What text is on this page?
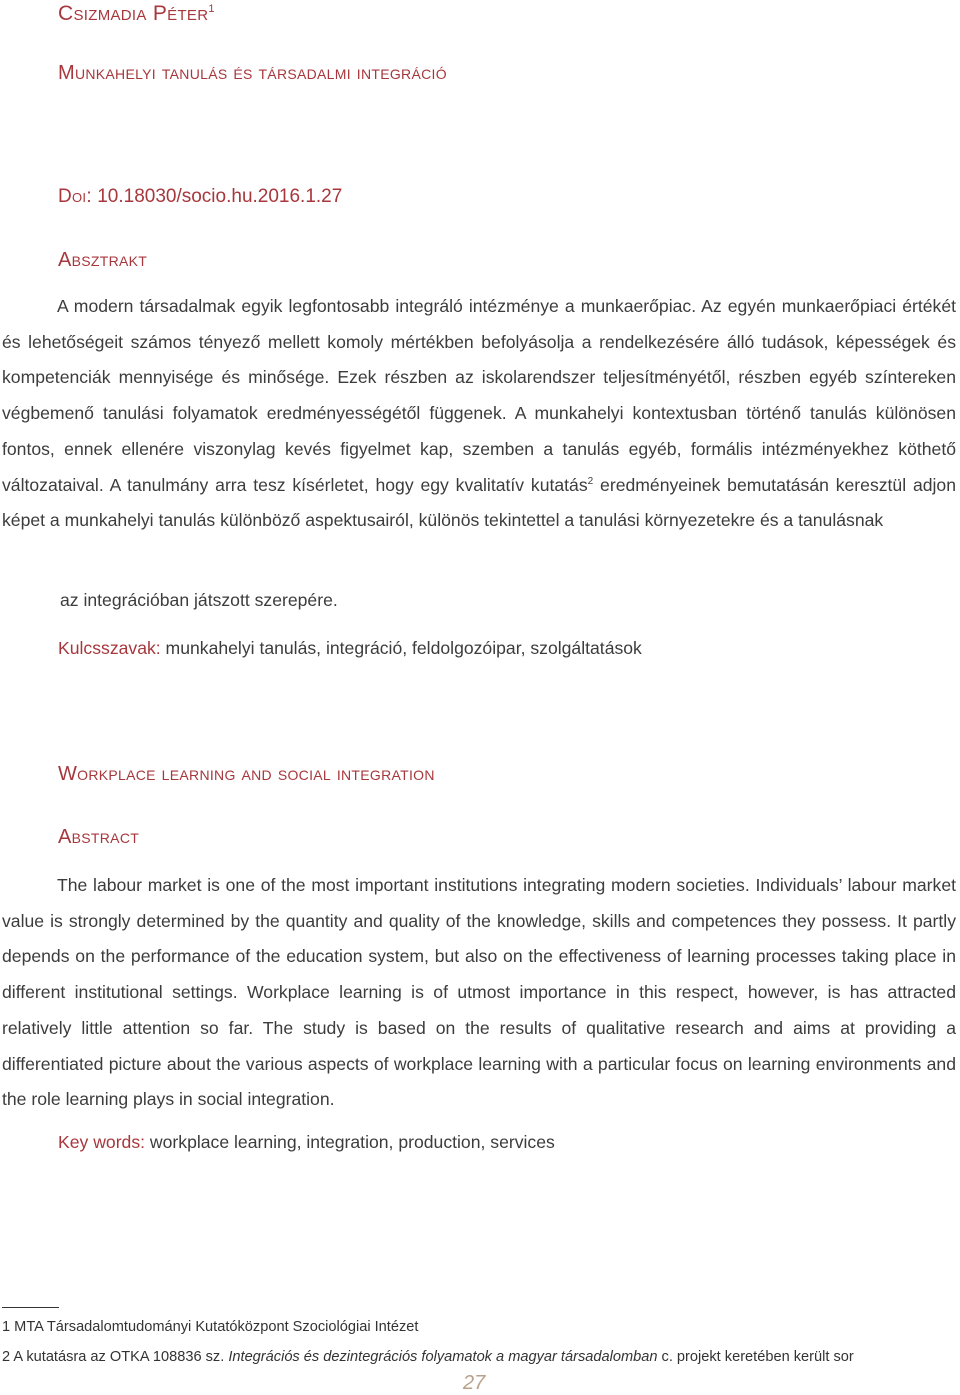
Csizmadia Péter$^1$
Munkahelyi tanulás és társadalmi integráció
Doi: 10.18030/socio.hu.2016.1.27
Absztrakt
A modern társadalmak egyik legfontosabb integráló intézménye a munkaerőpiac. Az egyén munkaerőpiaci értékét és lehetőségeit számos tényező mellett komoly mértékben befolyásolja a rendelkezésére álló tudások, képességek és kompetenciák mennyisége és minősége. Ezek részben az iskolarendszer teljesítményétől, részben egyéb színtereken végbemenő tanulási folyamatok eredményességétől függenek. A munkahelyi kontextusban történő tanulás különösen fontos, ennek ellenére viszonylag kevés figyelmet kap, szemben a tanulás egyéb, formális intézményekhez köthető változataival. A tanulmány arra tesz kísérletet, hogy egy kvalitatív kutatás$^2$ eredményeinek bemutatásán keresztül adjon képet a munkahelyi tanulás különböző aspektusairól, különös tekintettel a tanulási környezetekre és a tanulásnak
az integrációban játszott szerepére.
Kulcsszavak: munkahelyi tanulás, integráció, feldolgozóipar, szolgáltatások
Workplace learning and social integration
Abstract
The labour market is one of the most important institutions integrating modern societies. Individuals’ labour market value is strongly determined by the quantity and quality of the knowledge, skills and competences they possess. It partly depends on the performance of the education system, but also on the effectiveness of learning processes taking place in different institutional settings. Workplace learning is of utmost importance in this respect, however, is has attracted relatively little attention so far. The study is based on the results of qualitative research and aims at providing a differentiated picture about the various aspects of workplace learning with a particular focus on learning environments and the role learning plays in social integration.
Key words: workplace learning, integration, production, services
1 MTA Társadalomtudományi Kutatóközpont Szociológiai Intézet
2 A kutatásra az OTKA 108836 sz. Integrációs és dezintegrációs folyamatok a magyar társadalomban c. projekt keretében került sor
27
